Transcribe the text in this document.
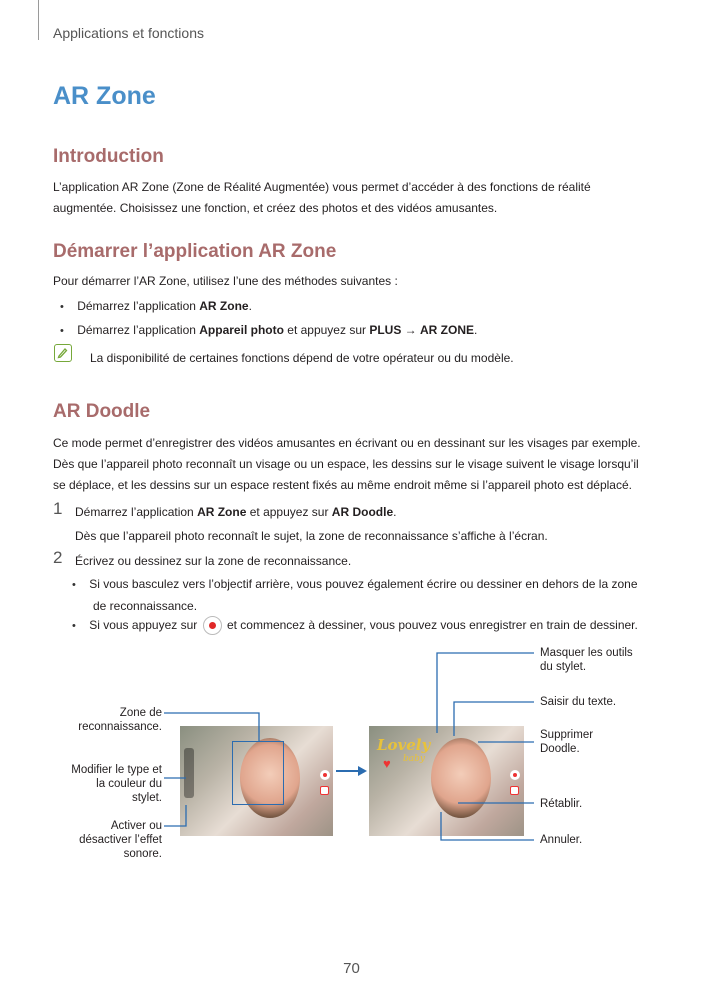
Applications et fonctions
AR Zone
Introduction
L’application AR Zone (Zone de Réalité Augmentée) vous permet d’accéder à des fonctions de réalité
augmentée. Choisissez une fonction, et créez des photos et des vidéos amusantes.
Démarrer l’application AR Zone
Pour démarrer l’AR Zone, utilisez l’une des méthodes suivantes :
• Démarrez l’application AR Zone.
• Démarrez l’application Appareil photo et appuyez sur PLUS → AR ZONE.
La disponibilité de certaines fonctions dépend de votre opérateur ou du modèle.
AR Doodle
Ce mode permet d’enregistrer des vidéos amusantes en écrivant ou en dessinant sur les visages par exemple.
Dès que l’appareil photo reconnaît un visage ou un espace, les dessins sur le visage suivent le visage lorsqu’il
se déplace, et les dessins sur un espace restent fixés au même endroit même si l’appareil photo est déplacé.
1 Démarrez l’application AR Zone et appuyez sur AR Doodle.
Dès que l’appareil photo reconnaît le sujet, la zone de reconnaissance s’affiche à l’écran.
2 Écrivez ou dessinez sur la zone de reconnaissance.
• Si vous basculez vers l’objectif arrière, vous pouvez également écrire ou dessiner en dehors de la zone
de reconnaissance.
• Si vous appuyez sur et commencez à dessiner, vous pouvez vous enregistrer en train de dessiner.
Lovely
baby
♥
Zone de
reconnaissance.
Modifier le type et
la couleur du
stylet.
Activer ou
désactiver l’effet
sonore.
Masquer les outils
du stylet.
Saisir du texte.
Supprimer
Doodle.
Rétablir.
Annuler.
70
